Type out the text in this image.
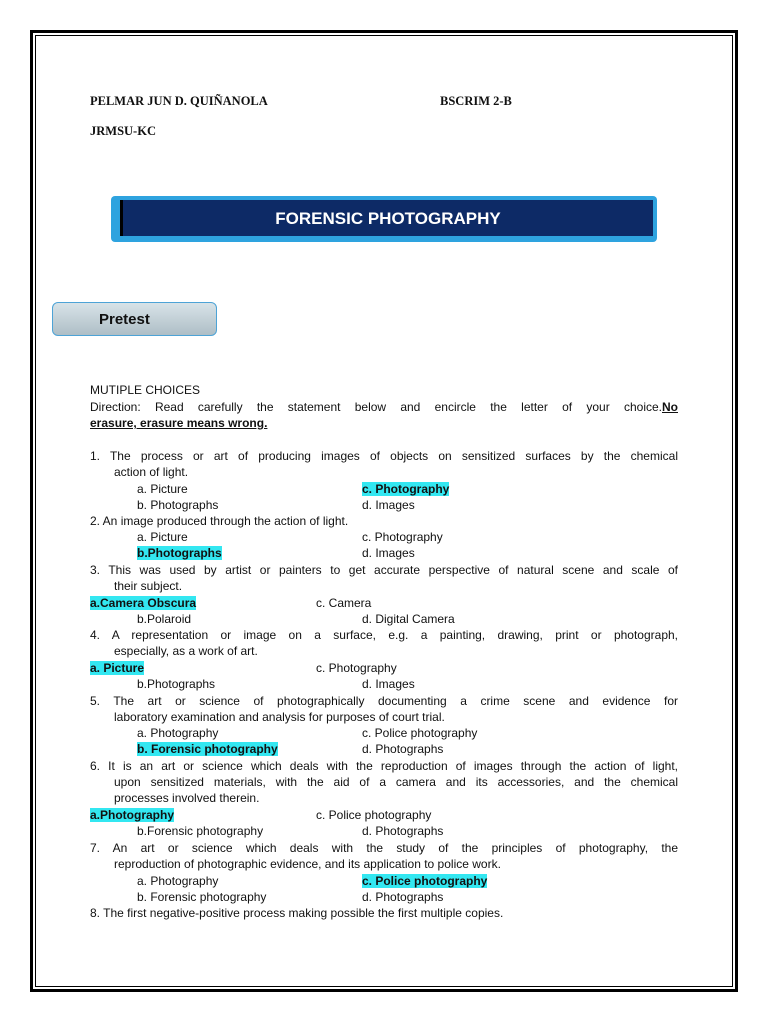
PELMAR JUN D. QUIÑANOLA	BSCRIM 2-B
JRMSU-KC
FORENSIC PHOTOGRAPHY
Pretest
MUTIPLE CHOICES
Direction: Read carefully the statement below and encircle the letter of your choice.No
erasure, erasure means wrong.
1. The process or art of producing images of objects on sensitized surfaces by the chemical
action of light.
a. Picture	c. Photography
b. Photographs	d. Images
2. An image produced through the action of light.
a. Picture	c. Photography
b.Photographs	d. Images
3. This was used by artist or painters to get accurate perspective of natural scene and scale of
their subject.
a.Camera Obscura	c. Camera
b.Polaroid	d. Digital Camera
4. A representation or image on a surface, e.g. a painting, drawing, print or photograph,
especially, as a work of art.
a. Picture	c. Photography
b.Photographs	d. Images
5. The art or science of photographically documenting a crime scene and evidence for
laboratory examination and analysis for purposes of court trial.
a. Photography	c. Police photography
b. Forensic photography	d. Photographs
6. It is an art or science which deals with the reproduction of images through the action of light,
upon sensitized materials, with the aid of a camera and its accessories, and the chemical
processes involved therein.
a.Photography	c. Police photography
b.Forensic photography	d. Photographs
7. An art or science which deals with the study of the principles of photography, the
reproduction of photographic evidence, and its application to police work.
a. Photography	c. Police photography
b. Forensic photography	d. Photographs
8. The first negative-positive process making possible the first multiple copies.
